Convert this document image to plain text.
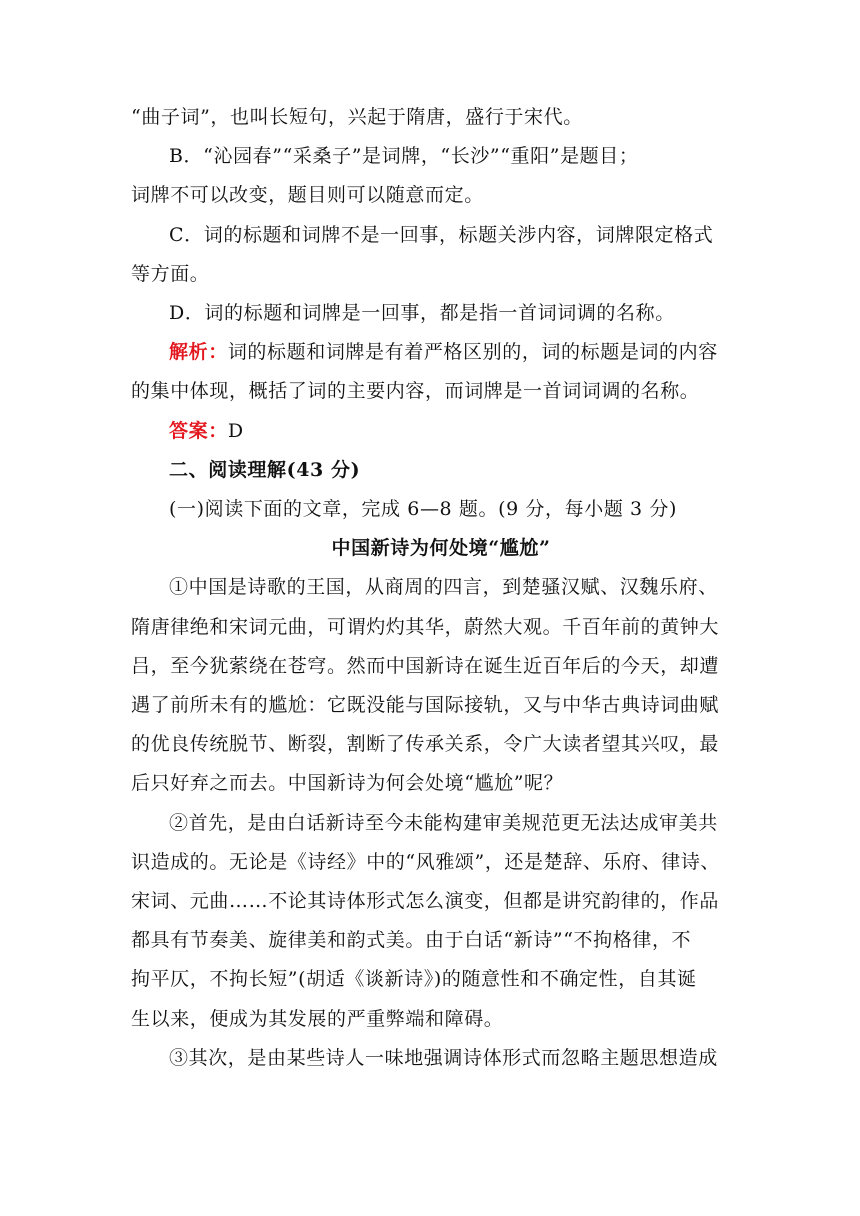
“曲子词”，也叫长短句，兴起于隋唐，盛行于宋代。
B．“沁园春”“采桑子”是词牌，“长沙”“重阳”是题目；
词牌不可以改变，题目则可以随意而定。
C．词的标题和词牌不是一回事，标题关涉内容，词牌限定格式
等方面。
D．词的标题和词牌是一回事，都是指一首词词调的名称。
解析：词的标题和词牌是有着严格区别的，词的标题是词的内容
的集中体现，概括了词的主要内容，而词牌是一首词词调的名称。
答案：D
二、阅读理解(43 分)
(一)阅读下面的文章，完成 6—8 题。(9 分，每小题 3 分)
中国新诗为何处境“尴尬”
①中国是诗歌的王国，从商周的四言，到楚骚汉赋、汉魏乐府、
隋唐律绝和宋词元曲，可谓灼灼其华，蔚然大观。千百年前的黄钟大
吕，至今犹萦绕在苍穹。然而中国新诗在诞生近百年后的今天，却遭
遇了前所未有的尴尬：它既没能与国际接轨，又与中华古典诗词曲赋
的优良传统脱节、断裂，割断了传承关系，令广大读者望其兴叹，最
后只好弃之而去。中国新诗为何会处境“尴尬”呢？
②首先，是由白话新诗至今未能构建审美规范更无法达成审美共
识造成的。无论是《诗经》中的“风雅颂”，还是楚辞、乐府、律诗、
宋词、元曲……不论其诗体形式怎么演变，但都是讲究韵律的，作品
都具有节奏美、旋律美和韵式美。由于白话“新诗”“不拘格律，不
拘平仄，不拘长短”(胡适《谈新诗》)的随意性和不确定性，自其诞
生以来，便成为其发展的严重弊端和障碍。
③其次，是由某些诗人一味地强调诗体形式而忽略主题思想造成
